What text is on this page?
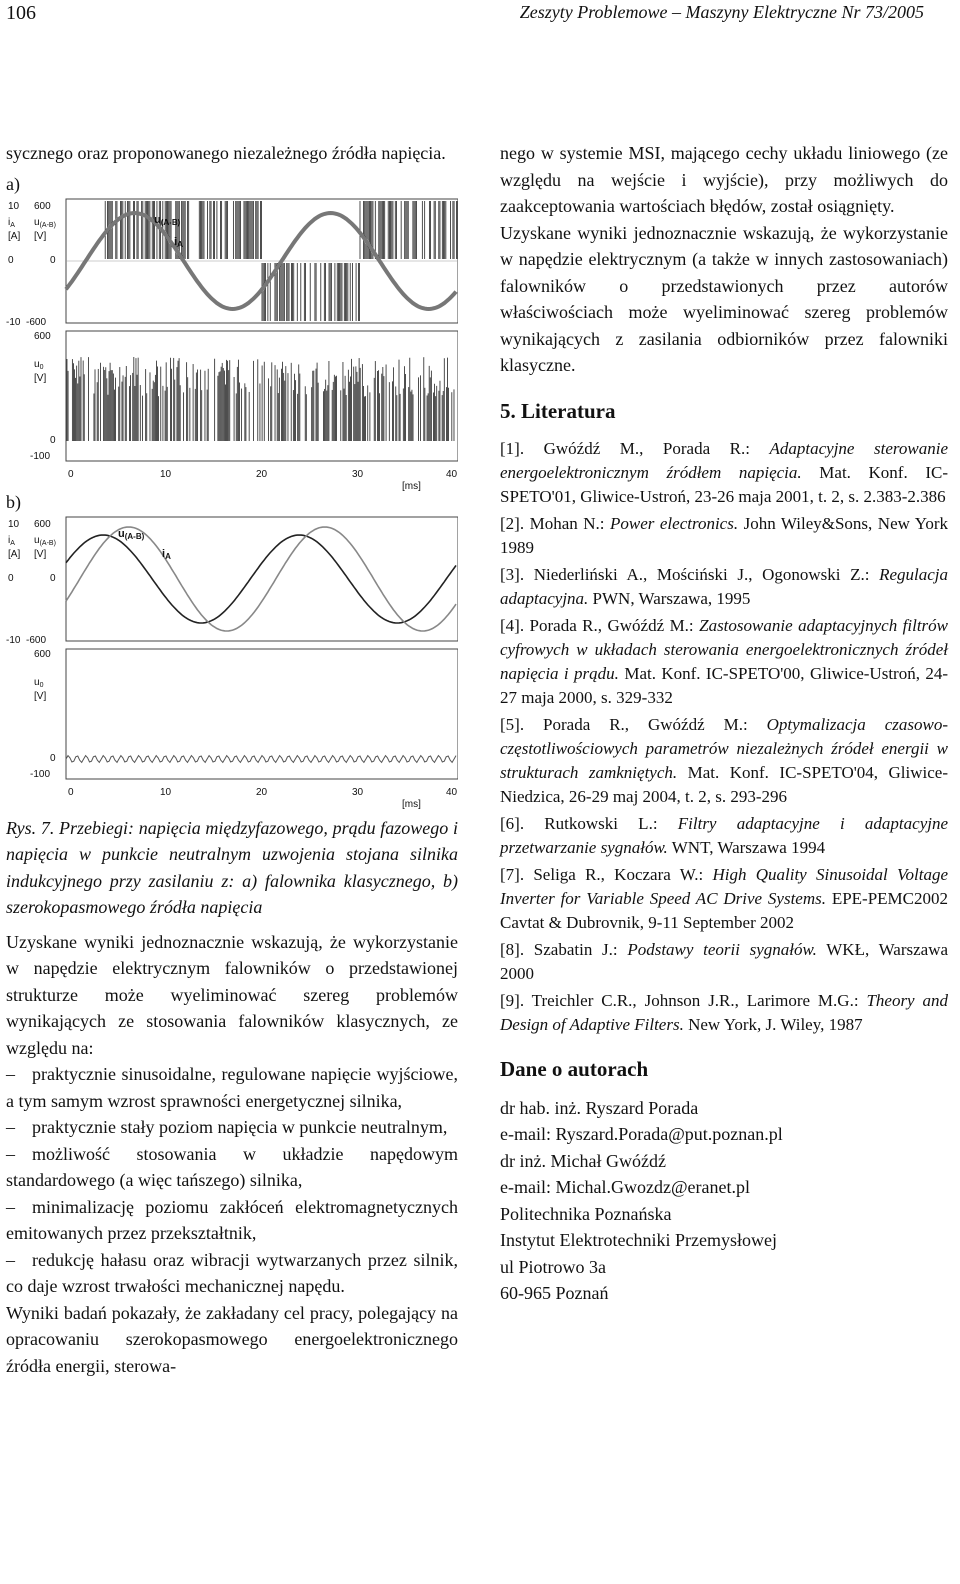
106	Zeszyty Problemowe – Maszyny Elektryczne Nr 73/2005

sycznego oraz proponowanego niezależnego źródła napięcia.

a)

10
$i_A$
[A]
0
-10
600
$u_{(A-B)}$
[V]
0
-600
600
$u_0$
[V]
0
-100
u(A-B)
iA
0	10	20	30	40
[ms]

b)

10
$i_A$
[A]
0
-10
600
$u_{(A-B)}$
[V]
0
-600
600
$u_0$
[V]
0
-100
u(A-B)
iA
0	10	20	30	40
[ms]

Rys. 7. Przebiegi: napięcia międzyfazowego, prądu fazowego i napięcia w punkcie neutralnym uzwojenia stojana silnika indukcyjnego przy zasilaniu z: a) falownika klasycznego, b) szerokopasmowego źródła napięcia

Uzyskane wyniki jednoznacznie wskazują, że wykorzystanie w napędzie elektrycznym falowników o przedstawionej strukturze może wyeliminować szereg problemów wynikających ze stosowania falowników klasycznych, ze względu na:

– praktycznie sinusoidalne, regulowane napięcie wyjściowe, a tym samym wzrost sprawności energetycznej silnika,

– praktycznie stały poziom napięcia w punkcie neutralnym,

– możliwość stosowania w układzie napędowym standardowego (a więc tańszego) silnika,

– minimalizację poziomu zakłóceń elektromagnetycznych emitowanych przez przekształtnik,

– redukcję hałasu oraz wibracji wytwarzanych przez silnik, co daje wzrost trwałości mechanicznej napędu.

Wyniki badań pokazały, że zakładany cel pracy, polegający na opracowaniu szerokopasmowego energoelektronicznego źródła energii, sterowa-

nego w systemie MSI, mającego cechy układu liniowego (ze względu na wejście i wyjście), przy możliwych do zaakceptowania wartościach błędów, został osiągnięty.

Uzyskane wyniki jednoznacznie wskazują, że wykorzystanie w napędzie elektrycznym (a także w innych zastosowaniach) falowników o przedstawionych przez autorów właściwościach może wyeliminować szereg problemów wynikających z zasilania odbiorników przez falowniki klasyczne.

5. Literatura

[1]. Gwóźdź M., Porada R.: Adaptacyjne sterowanie energoelektronicznym źródłem napięcia. Mat. Konf. IC-SPETO'01, Gliwice-Ustroń, 23-26 maja 2001, t. 2, s. 2.383-2.386

[2]. Mohan N.: Power electronics. John Wiley&Sons, New York 1989

[3]. Niederliński A., Mościński J., Ogonowski Z.: Regulacja adaptacyjna. PWN, Warszawa, 1995

[4]. Porada R., Gwóźdź M.: Zastosowanie adaptacyjnych filtrów cyfrowych w układach sterowania energoelektronicznych źródeł napięcia i prądu. Mat. Konf. IC-SPETO'00, Gliwice-Ustroń, 24-27 maja 2000, s. 329-332

[5]. Porada R., Gwóźdź M.: Optymalizacja czasowo-częstotliwościowych parametrów niezależnych źródeł energii w strukturach zamkniętych. Mat. Konf. IC-SPETO'04, Gliwice-Niedzica, 26-29 maj 2004, t. 2, s. 293-296

[6]. Rutkowski L.: Filtry adaptacyjne i adaptacyjne przetwarzanie sygnałów. WNT, Warszawa 1994

[7]. Seliga R., Koczara W.: High Quality Sinusoidal Voltage Inverter for Variable Speed AC Drive Systems. EPE-PEMC2002 Cavtat & Dubrovnik, 9-11 September 2002

[8]. Szabatin J.: Podstawy teorii sygnałów. WKŁ, Warszawa 2000

[9]. Treichler C.R., Johnson J.R., Larimore M.G.: Theory and Design of Adaptive Filters. New York, J. Wiley, 1987

Dane o autorach

dr hab. inż. Ryszard Porada

e-mail: Ryszard.Porada@put.poznan.pl

dr inż. Michał Gwóźdź

e-mail: Michal.Gwozdz@eranet.pl

Politechnika Poznańska

Instytut Elektrotechniki Przemysłowej

ul Piotrowo 3a

60-965 Poznań
